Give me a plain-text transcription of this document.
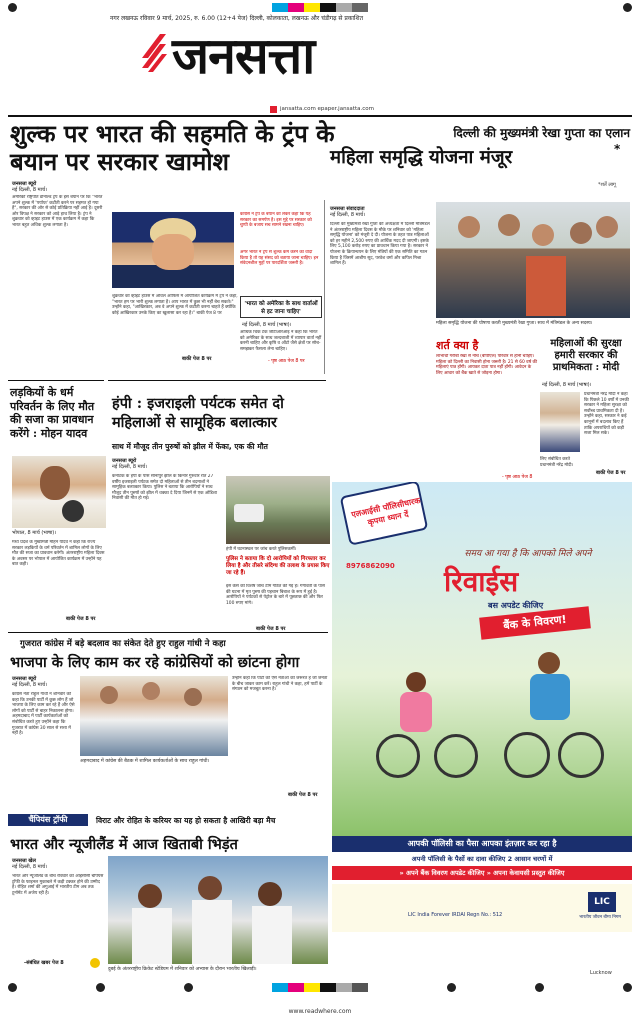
नगर लखनऊ रविवार 9 मार्च, 2025, रु. 6.00 (12+4 पेज) दिल्ली, कोलकाता, लखनऊ और चंडीगढ़ से प्रकाशित
जनसत्ता
jansatta.com epaper.jansatta.com
शुल्क पर भारत की सहमति के ट्रंप के बयान पर सरकार खामोश
जनसत्ता ब्यूरो
नई दिल्ली, 8 मार्च।
अमेरिकी राष्ट्रपति डोनाल्ड ट्रंप के इस बयान पर कि "भारत अपने शुल्क में 'पर्याप्त' कटौती करने पर सहमत हो गया है", सरकार की ओर से कोई प्रतिक्रिया नहीं आई है। दूसरी ओर विपक्ष ने सरकार को आड़े हाथ लिया है। ट्रंप ने शुक्रवार को व्हाइट हाउस में एक कार्यक्रम में कहा कि भारत बहुत अधिक शुल्क लगाता है।
कांग्रेस ने ट्रंप के बयान को लेकर कहा कि यह सरकार का समर्पण है। इस मुद्दे पर सरकार को चुप्पी के बजाय सच सामने रखना चाहिए।
अगर भारत ने ट्रंप से शुल्क कम करने का वादा किया है तो यह संसद को बताया जाना चाहिए। इन संवेदनशील मुद्दों पर पारदर्शिता जरूरी है।
शुक्रवार को व्हाइट हाउस में ओवल ऑफिस में आयोजित कार्यक्रम में ट्रंप ने कहा, "भारत हम पर भारी शुल्क लगाता है। आप भारत में कुछ भी नहीं बेच सकते।" उन्होंने कहा, "आखिरकार, अब वे अपने शुल्क में कटौती करना चाहते हैं क्योंकि कोई आखिरकार उनके किए का खुलासा कर रहा है।" बाकी पेज 8 पर
'भारत को अमेरिका के साथ वार्ताओं से हट जाना चाहिए'
नई दिल्ली, 8 मार्च (भाषा)।
आर्थिक थिंक टैंक जीटीआरआइ ने कहा कि भारत को अमेरिका के साथ जल्दबाजी में व्यापार वार्ता नहीं करनी चाहिए और कृषि व ऑटो जैसे क्षेत्रों पर सोच-समझकर फैसला लेना चाहिए।
- पृष्ठ आठ पेज 8 पर
बाकी पेज 8 पर
दिल्ली की मुख्यमंत्री रेखा गुप्ता का एलान
महिला समृद्धि योजना मंजूर	*
*शर्तें लागू
जनसत्ता संवाददाता
नई दिल्ली, 8 मार्च।
दिल्ली की मुख्यमंत्री रेखा गुप्ता की अध्यक्षता में दिल्ली मंत्रिमंडल ने अंतरराष्ट्रीय महिला दिवस के मौके पर शनिवार को 'महिला समृद्धि योजना' को मंजूरी दे दी। योजना के तहत पात्र महिलाओं को हर महीने 2,500 रुपए की आर्थिक मदद दी जाएगी। इसके लिए 5,100 करोड़ रुपए का प्रावधान किया गया है। सरकार ने योजना के क्रियान्वयन के लिए मंत्रियों की एक समिति का गठन किया है जिसमें आशीष सूद, परवेश वर्मा और कपिल मिश्रा शामिल हैं।
महिला समृद्धि योजना की घोषणा करती मुख्यमंत्री रेखा गुप्ता। साथ में मंत्रिमंडल के अन्य सदस्य।
शर्त क्या है
लाभार्थी गरीबी रेखा से नीचे (बीपीएल) परिवार से होनी चाहिए। महिला को दिल्ली का निवासी होना जरूरी है। 21 से 60 वर्ष की महिलाएं पात्र होंगी। आयकर दाता पात्र नहीं होंगी। आवेदन के लिए आधार को बैंक खाते से जोड़ना होगा।
- पृष्ठ आठ पेज 8
महिलाओं की सुरक्षा हमारी सरकार की प्राथमिकता : मोदी
नई दिल्ली, 8 मार्च (भाषा)।
प्रधानमंत्री नरेंद्र मोदी ने कहा कि पिछले 10 वर्षों में उनकी सरकार ने महिला सुरक्षा को सर्वोच्च प्राथमिकता दी है। उन्होंने कहा, सरकार ने कई कानूनों में बदलाव किए हैं ताकि अपराधियों को कड़ी सजा मिल सके।
लिए संबोधित करते प्रधानमंत्री नरेंद्र मोदी।
बाकी पेज 8 पर
लड़कियों के धर्म परिवर्तन के लिए मौत की सजा का प्रावधान करेंगे : मोहन यादव
भोपाल, 8 मार्च (भाषा)।
मध्य प्रदेश के मुख्यमंत्री मोहन यादव ने कहा कि राज्य सरकार लड़कियों के धर्म परिवर्तन में शामिल लोगों के लिए मौत की सजा का प्रावधान करेगी। अंतरराष्ट्रीय महिला दिवस के अवसर पर भोपाल में आयोजित कार्यक्रम में उन्होंने यह बात कही।
बाकी पेज 8 पर
हंपी : इजराइली पर्यटक समेत दो महिलाओं से सामूहिक बलात्कार
साथ में मौजूद तीन पुरुषों को झील में फेंका, एक की मौत
जनसत्ता ब्यूरो
नई दिल्ली, 8 मार्च।
कर्नाटक के हंपी के पास सानापुर झील के किनारे गुरुवार रात 27 वर्षीय इजराइली पर्यटक समेत दो महिलाओं से तीन बदमाशों ने सामूहिक बलात्कार किया। पुलिस ने बताया कि आरोपियों ने साथ मौजूद तीन पुरुषों को झील में धक्का दे दिया जिनमें से एक ओडिशा निवासी की मौत हो गई।
हंपी में घटनास्थल पर जांच करते पुलिसकर्मी।
पुलिस ने बताया कि दो आरोपियों को गिरफ्तार कर लिया है और तीसरे संदिग्ध की तलाश के प्रयास किए जा रहे हैं।
इस केस की विशेष जांच टीम गठित की गई है। गंगावती के पास की घटना में मृत पुरुष की पहचान बिबाश के रूप में हुई है। आरोपियों ने पर्यटकों से पेट्रोल के बारे में पूछताछ की और फिर 100 रुपए मांगे।
बाकी पेज 8 पर
एलआईसी पॉलिसीधारक कृपया ध्यान दें
समय आ गया है कि आपको मिले अपने
रिवाईस
बस अपडेट कीजिए
बैंक के विवरण!
8976862090
आपकी पॉलिसी का पैसा आपका इंतज़ार कर रहा है
अपनी पॉलिसी के पैसों का दावा कीजिए 2 आसान चरणों में
» अपने बैंक विवरण अपडेट कीजिए » अपना केवायसी प्रस्तुत कीजिए
LIC India Forever IRDAI Regn No.: 512
LIC
भारतीय जीवन बीमा निगम
गुजरात कांग्रेस में बड़े बदलाव का संकेत देते हुए राहुल गांधी ने कहा
भाजपा के लिए काम कर रहे कांग्रेसियों को छांटना होगा
जनसत्ता ब्यूरो
नई दिल्ली, 8 मार्च।
कांग्रेस नेता राहुल गांधी ने शनिवार को कहा कि उनकी पार्टी में कुछ लोग हैं जो भाजपा के लिए काम कर रहे हैं और ऐसे लोगों को पार्टी से बाहर निकालना होगा। अहमदाबाद में पार्टी कार्यकर्ताओं को संबोधित करते हुए उन्होंने कहा कि गुजरात में कांग्रेस 30 साल से सत्ता में नहीं है।
अहमदाबाद में कांग्रेस की बैठक में शामिल कार्यकर्ताओं के साथ राहुल गांधी।
उन्होंने कहा कि पार्टी को ऐसे नेताओं की जरूरत है जो जनता के बीच जाकर काम करें। राहुल गांधी ने कहा, हमें पार्टी के संगठन को मजबूत करना है।
बाकी पेज 8 पर
चैंपियंस ट्रॉफी	विराट और रोहित के करियर का यह हो सकता है आखिरी बड़ा मैच
भारत और न्यूजीलैंड में आज खिताबी भिड़ंत
जनसत्ता खेल
नई दिल्ली, 8 मार्च।
भारत और न्यूजीलैंड के बीच रविवार को आईसीसी चैंपियंस ट्रॉफी के फाइनल मुकाबले में कड़ी टक्कर होने की उम्मीद है। रोहित शर्मा की अगुआई में भारतीय टीम अब तक टूर्नामेंट में अजेय रही है।
-संबंधित खबर पेज 8
दुबई के अंतरराष्ट्रीय क्रिकेट स्टेडियम में शनिवार को अभ्यास के दौरान भारतीय खिलाड़ी।
Lucknow
www.readwhere.com
